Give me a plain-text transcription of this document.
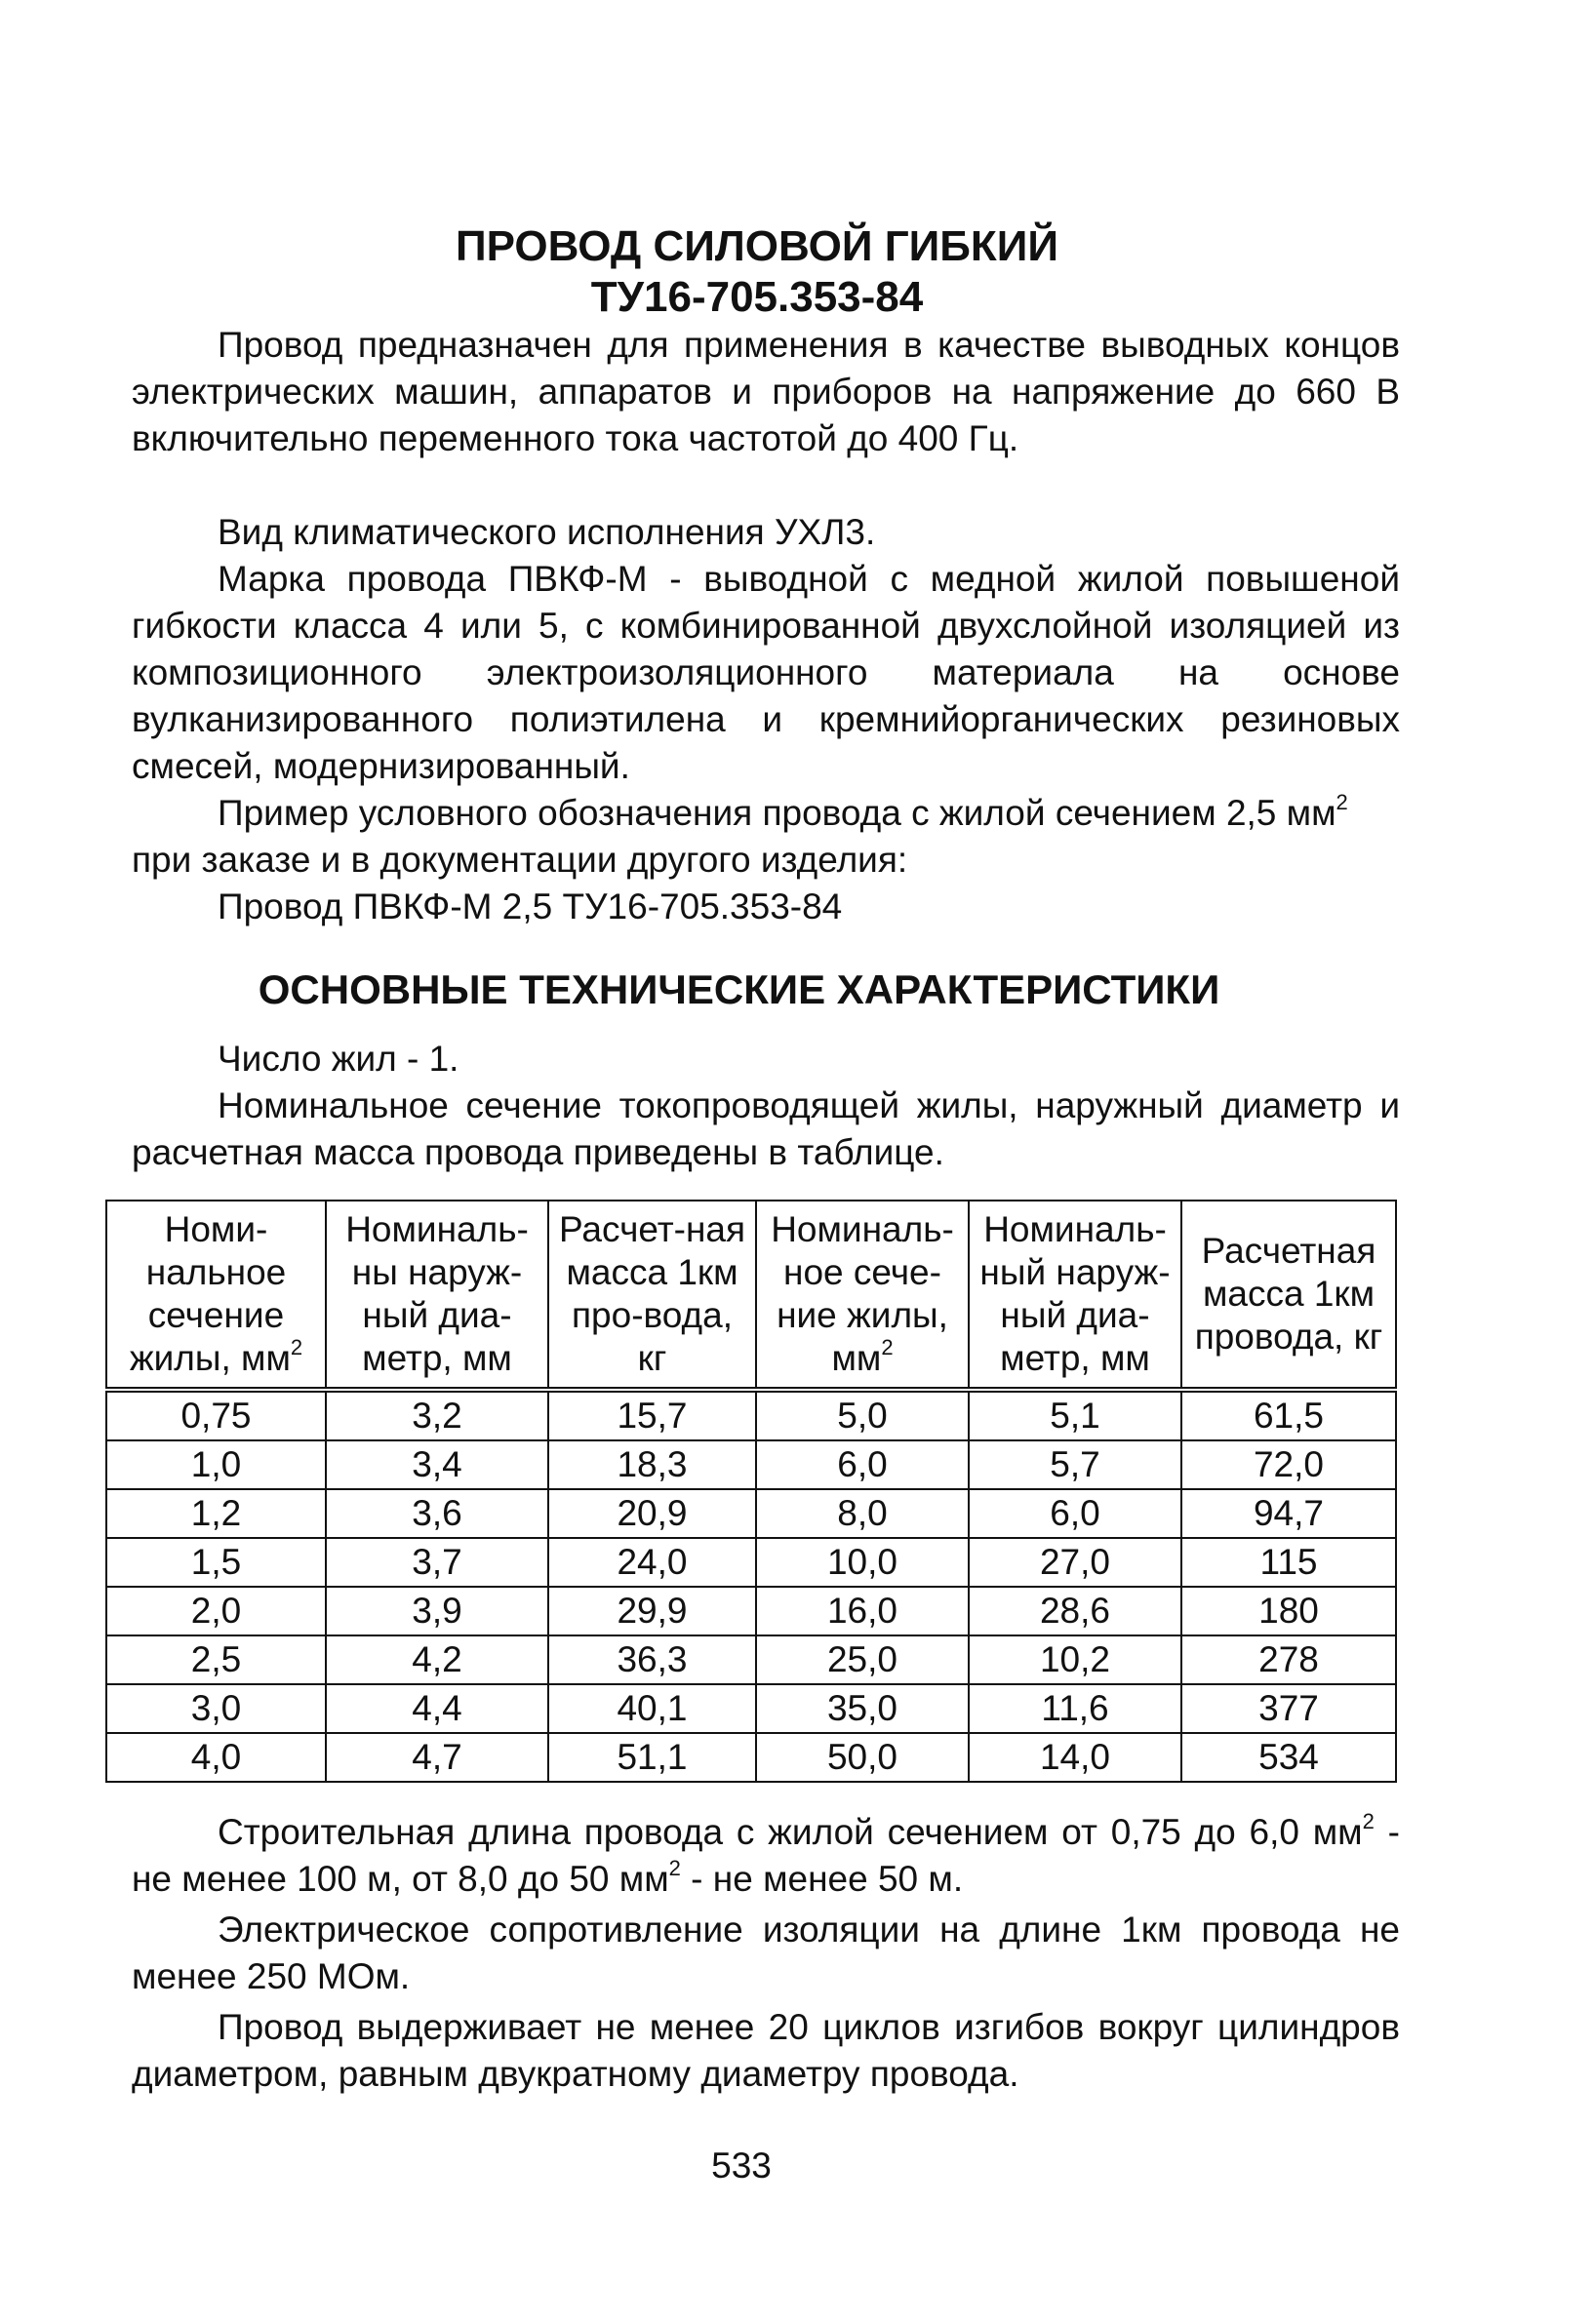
ПРОВОД СИЛОВОЙ ГИБКИЙ
ТУ16-705.353-84

Провод предназначен для применения в качестве выводных концов электрических машин, аппаратов и приборов на напряжение до 660 В включительно переменного тока частотой до 400 Гц.

Вид климатического исполнения УХЛ3.

Марка провода ПВКФ-М - выводной с медной жилой повышеной гибкости класса 4 или 5, с комбинированной двухслойной изоляцией из композиционного электроизоляционного материала на основе вулканизированного полиэтилена и кремнийорганических резиновых смесей, модернизированный.

Пример условного обозначения провода с жилой сечением 2,5 $мм^2$ при заказе и в документации другого изделия:

Провод ПВКФ-М 2,5 ТУ16-705.353-84

ОСНОВНЫЕ ТЕХНИЧЕСКИЕ ХАРАКТЕРИСТИКИ

Число жил - 1.

Номинальное сечение токопроводящей жилы, наружный диаметр и расчетная масса провода приведены в таблице.

Номи-нальное сечение жилы, $мм^2$	Номиналь-ны наруж-ный диа-метр, мм	Расчет-ная масса 1км про-вода, кг	Номиналь-ное сече-ние жилы, $мм^2$	Номиналь-ный наруж-ный диа-метр, мм	Расчетная масса 1км провода, кг
0,75	3,2	15,7	5,0	5,1	61,5
1,0	3,4	18,3	6,0	5,7	72,0
1,2	3,6	20,9	8,0	6,0	94,7
1,5	3,7	24,0	10,0	27,0	115
2,0	3,9	29,9	16,0	28,6	180
2,5	4,2	36,3	25,0	10,2	278
3,0	4,4	40,1	35,0	11,6	377
4,0	4,7	51,1	50,0	14,0	534

Строительная длина провода с жилой сечением от 0,75 до 6,0 $мм^2$ - не менее 100 м, от 8,0 до 50 $мм^2$ - не менее 50 м.

Электрическое сопротивление изоляции на длине 1км провода не менее 250 МОм.

Провод выдерживает не менее 20 циклов изгибов вокруг цилиндров диаметром, равным двукратному диаметру провода.

533
